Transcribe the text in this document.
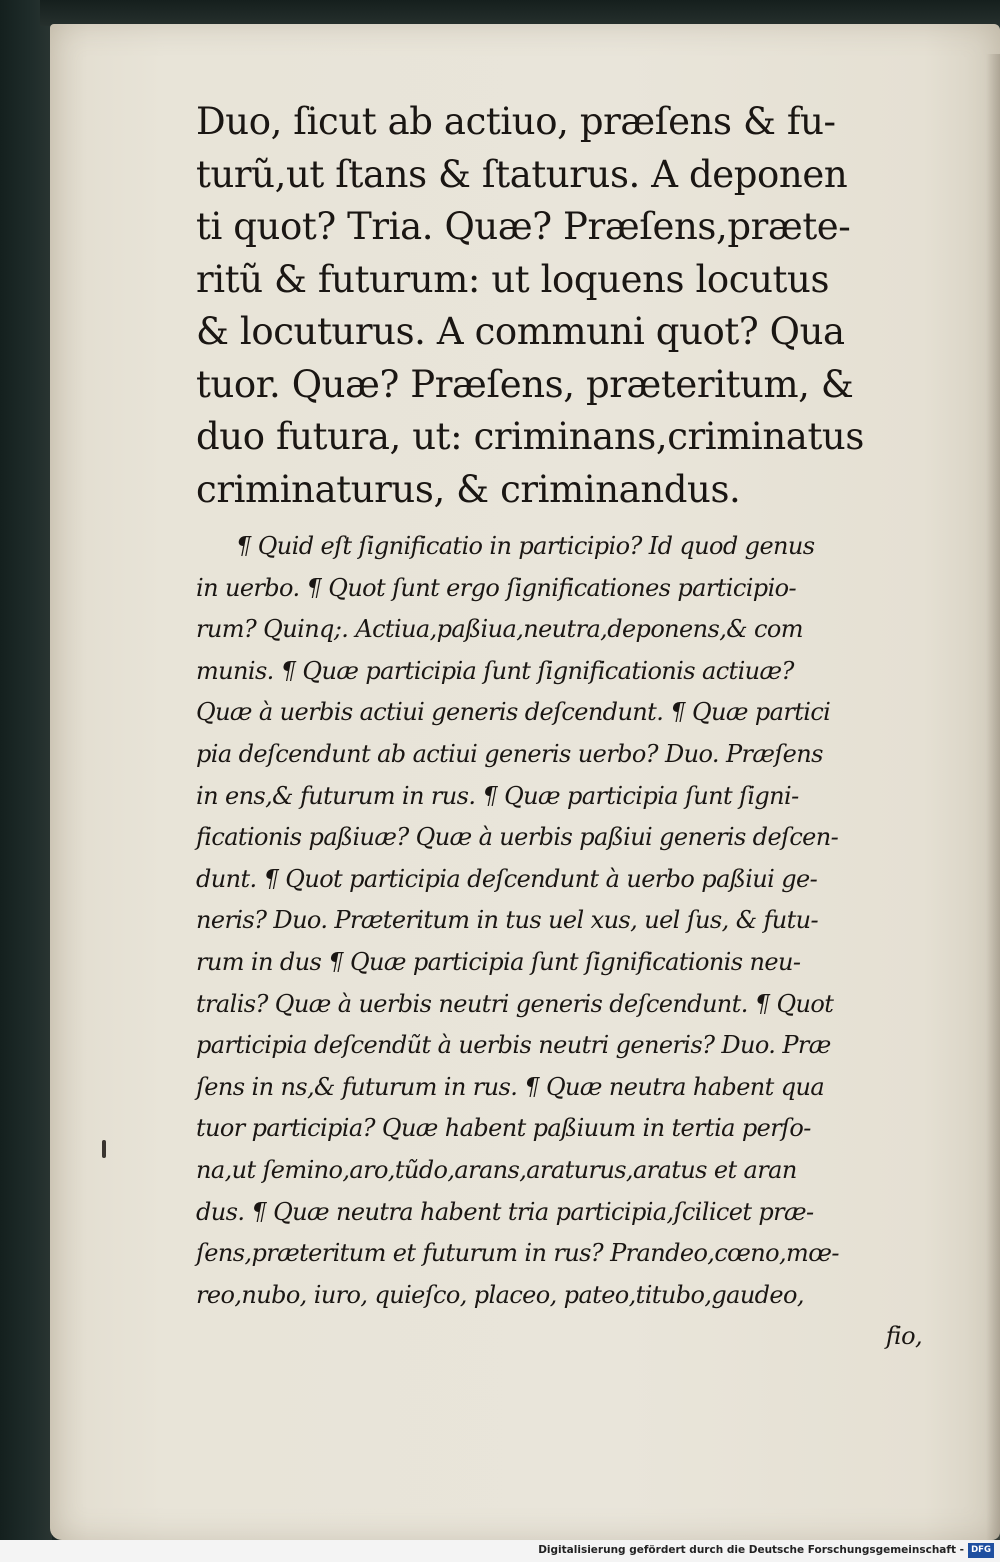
Duo, ſicut ab actiuo, præſens & fu-
turũ,ut ſtans & ſtaturus. A deponen
ti quot? Tria. Quæ? Præſens,præte-
ritũ & futurum: ut loquens locutus
& locuturus. A communi quot? Qua
tuor. Quæ? Præſens, præteritum, &
duo futura, ut: criminans,criminatus
criminaturus, & criminandus.
¶ Quid eſt ſignificatio in participio? Id quod genus
in uerbo. ¶ Quot ſunt ergo ſignificationes participio-
rum? Quinq;. Actiua,paßiua,neutra,deponens,& com
munis. ¶ Quæ participia ſunt ſignificationis actiuæ?
Quæ à uerbis actiui generis deſcendunt. ¶ Quæ partici
pia deſcendunt ab actiui generis uerbo? Duo. Præſens
in ens,& futurum in rus. ¶ Quæ participia ſunt ſigni-
ficationis paßiuæ? Quæ à uerbis paßiui generis deſcen-
dunt. ¶ Quot participia deſcendunt à uerbo paßiui ge-
neris? Duo. Præteritum in tus uel xus, uel ſus, & futu-
rum in dus ¶ Quæ participia ſunt ſignificationis neu-
tralis? Quæ à uerbis neutri generis deſcendunt. ¶ Quot
participia deſcendũt à uerbis neutri generis? Duo. Præ
ſens in ns,& futurum in rus. ¶ Quæ neutra habent qua
tuor participia? Quæ habent paßiuum in tertia perſo-
na,ut ſemino,aro,tũdo,arans,araturus,aratus et aran
dus. ¶ Quæ neutra habent tria participia,ſcilicet præ-
ſens,præteritum et futurum in rus? Prandeo,cœno,mœ-
reo,nubo, iuro, quieſco, placeo, pateo,titubo,gaudeo,
fio,
Digitalisierung gefördert durch die Deutsche Forschungsgemeinschaft - DFG
